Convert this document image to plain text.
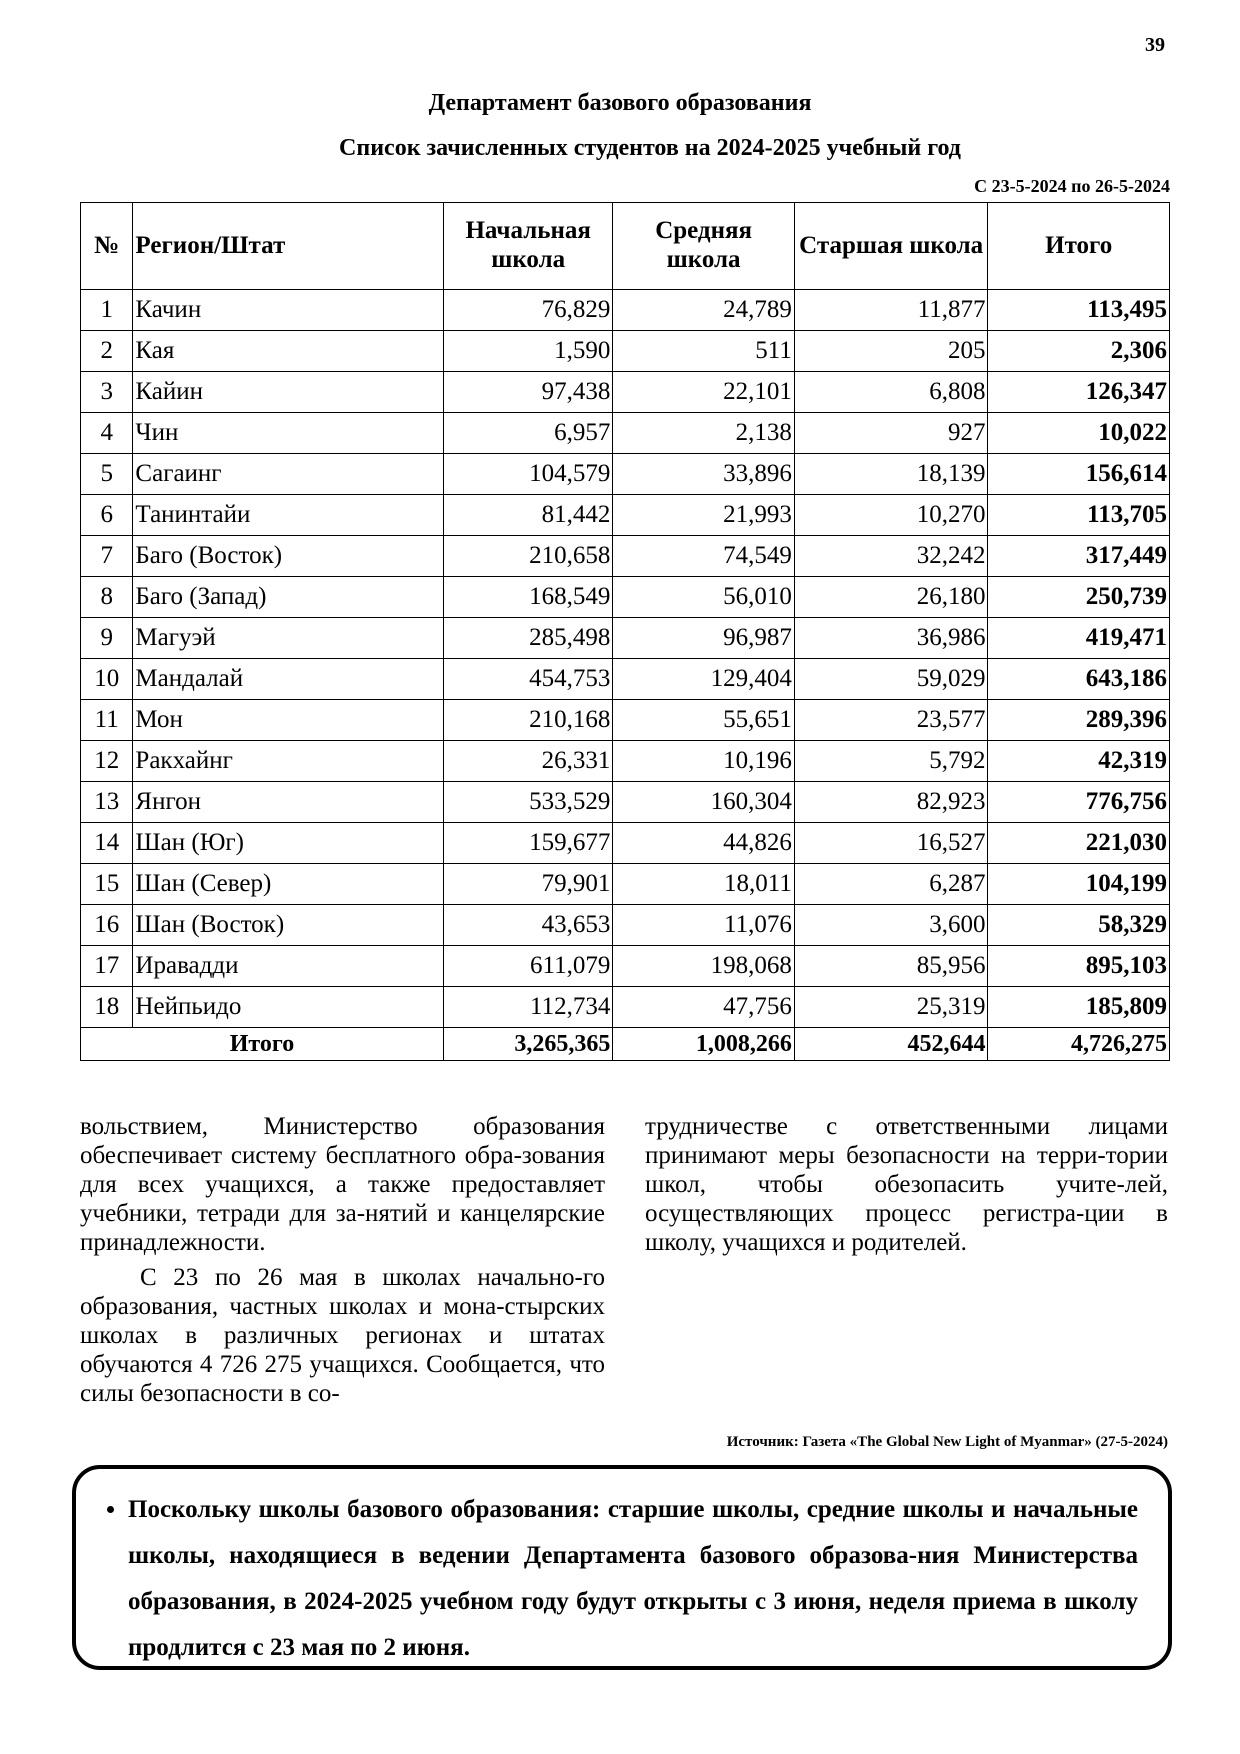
39
Департамент базового образования
Список зачисленных студентов на 2024-2025 учебный год
С 23-5-2024 по 26-5-2024
№	Регион/Штат	Начальная школа	Средняя школа	Старшая школа	Итого
1	Качин	76,829	24,789	11,877	113,495
2	Кая	1,590	511	205	2,306
3	Кайин	97,438	22,101	6,808	126,347
4	Чин	6,957	2,138	927	10,022
5	Сагаинг	104,579	33,896	18,139	156,614
6	Танинтайи	81,442	21,993	10,270	113,705
7	Баго (Восток)	210,658	74,549	32,242	317,449
8	Баго (Запад)	168,549	56,010	26,180	250,739
9	Магуэй	285,498	96,987	36,986	419,471
10	Мандалай	454,753	129,404	59,029	643,186
11	Мон	210,168	55,651	23,577	289,396
12	Ракхайнг	26,331	10,196	5,792	42,319
13	Янгон	533,529	160,304	82,923	776,756
14	Шан (Юг)	159,677	44,826	16,527	221,030
15	Шан (Север)	79,901	18,011	6,287	104,199
16	Шан (Восток)	43,653	11,076	3,600	58,329
17	Иравадди	611,079	198,068	85,956	895,103
18	Нейпьидо	112,734	47,756	25,319	185,809
Итого		3,265,365	1,008,266	452,644	4,726,275

вольствием, Министерство образования обеспечивает систему бесплатного обра-зования для всех учащихся, а также предоставляет учебники, тетради для за-нятий и канцелярские принадлежности.

С 23 по 26 мая в школах начально-го образования, частных школах и мона-стырских школах в различных регионах и штатах обучаются 4 726 275 учащихся. Сообщается, что силы безопасности в со-

трудничестве с ответственными лицами принимают меры безопасности на терри-тории школ, чтобы обезопасить учите-лей, осуществляющих процесс регистра-ции в школу, учащихся и родителей.

Источник: Газета «The Global New Light of Myanmar» (27-5-2024)
• Поскольку школы базового образования: старшие школы, средние школы и начальные школы, находящиеся в ведении Департамента базового образова-ния Министерства образования, в 2024-2025 учебном году будут открыты с 3 июня, неделя приема в школу продлится с 23 мая по 2 июня.
